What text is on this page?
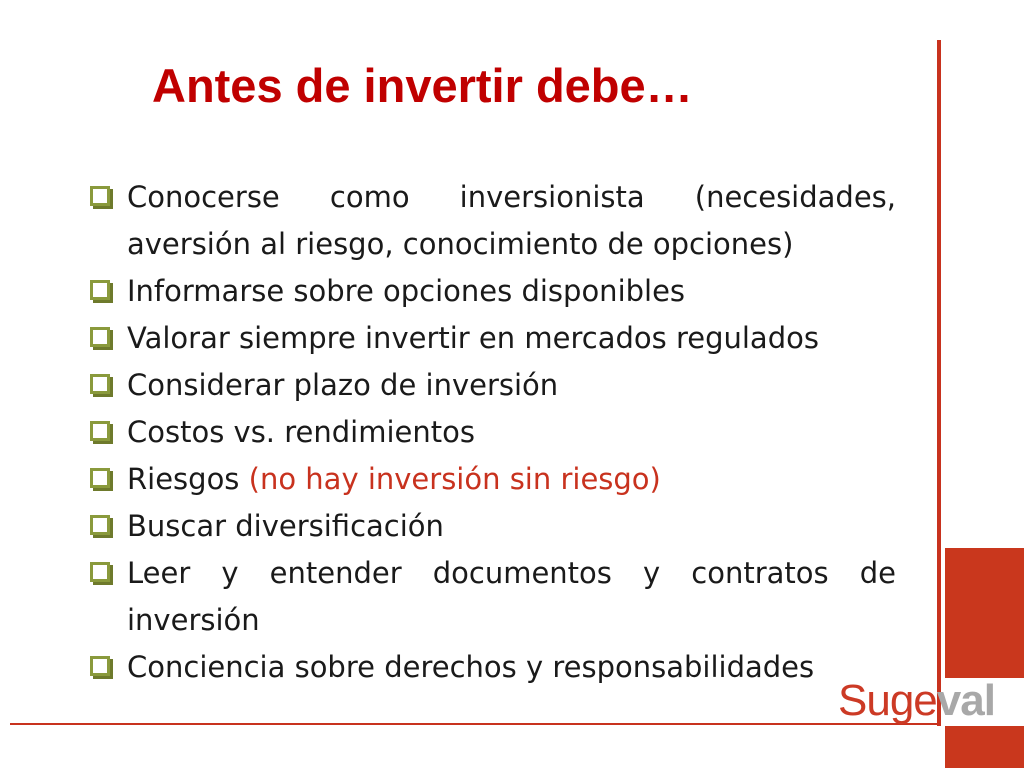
Antes de invertir debe…
Conocerse como inversionista (necesidades, aversión al riesgo, conocimiento de opciones)
Informarse sobre opciones disponibles
Valorar siempre invertir en mercados regulados
Considerar plazo de inversión
Costos vs. rendimientos
Riesgos (no hay inversión sin riesgo)
Buscar diversificación
Leer y entender documentos y contratos de inversión
Conciencia sobre derechos y responsabilidades
Sugeval
